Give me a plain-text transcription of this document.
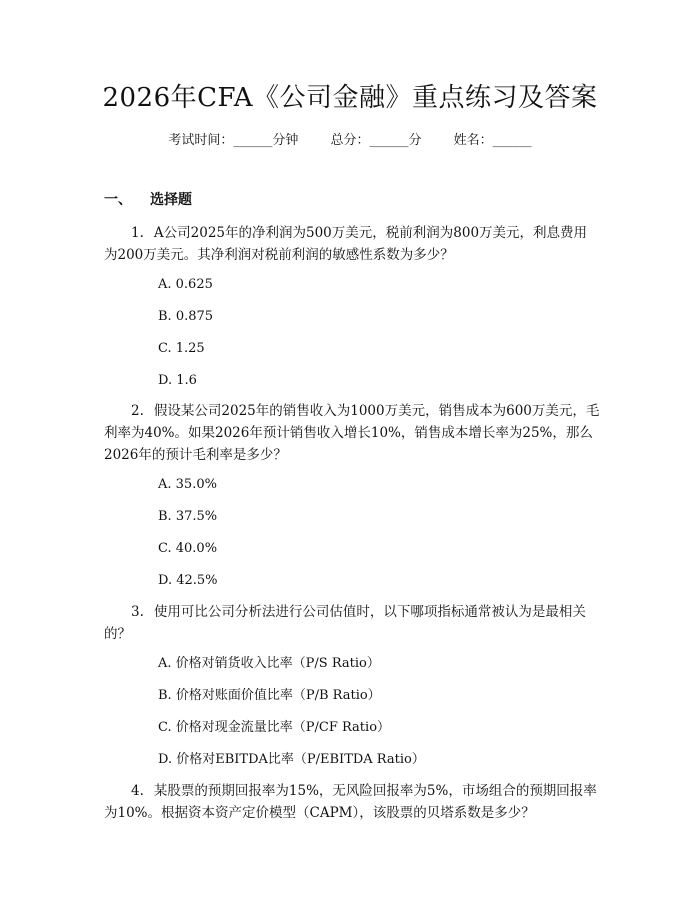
2026年CFA《公司金融》重点练习及答案
考试时间：______分钟 总分：______分 姓名：______
一、 选择题
1. A公司2025年的净利润为500万美元，税前利润为800万美元，利息费用为200万美元。其净利润对税前利润的敏感性系数为多少？
A. 0.625
B. 0.875
C. 1.25
D. 1.6
2. 假设某公司2025年的销售收入为1000万美元，销售成本为600万美元，毛利率为40%。如果2026年预计销售收入增长10%，销售成本增长率为25%，那么2026年的预计毛利率是多少？
A. 35.0%
B. 37.5%
C. 40.0%
D. 42.5%
3. 使用可比公司分析法进行公司估值时，以下哪项指标通常被认为是最相关的？
A. 价格对销货收入比率（P/S Ratio）
B. 价格对账面价值比率（P/B Ratio）
C. 价格对现金流量比率（P/CF Ratio）
D. 价格对EBITDA比率（P/EBITDA Ratio）
4. 某股票的预期回报率为15%，无风险回报率为5%，市场组合的预期回报率为10%。根据资本资产定价模型（CAPM），该股票的贝塔系数是多少？
